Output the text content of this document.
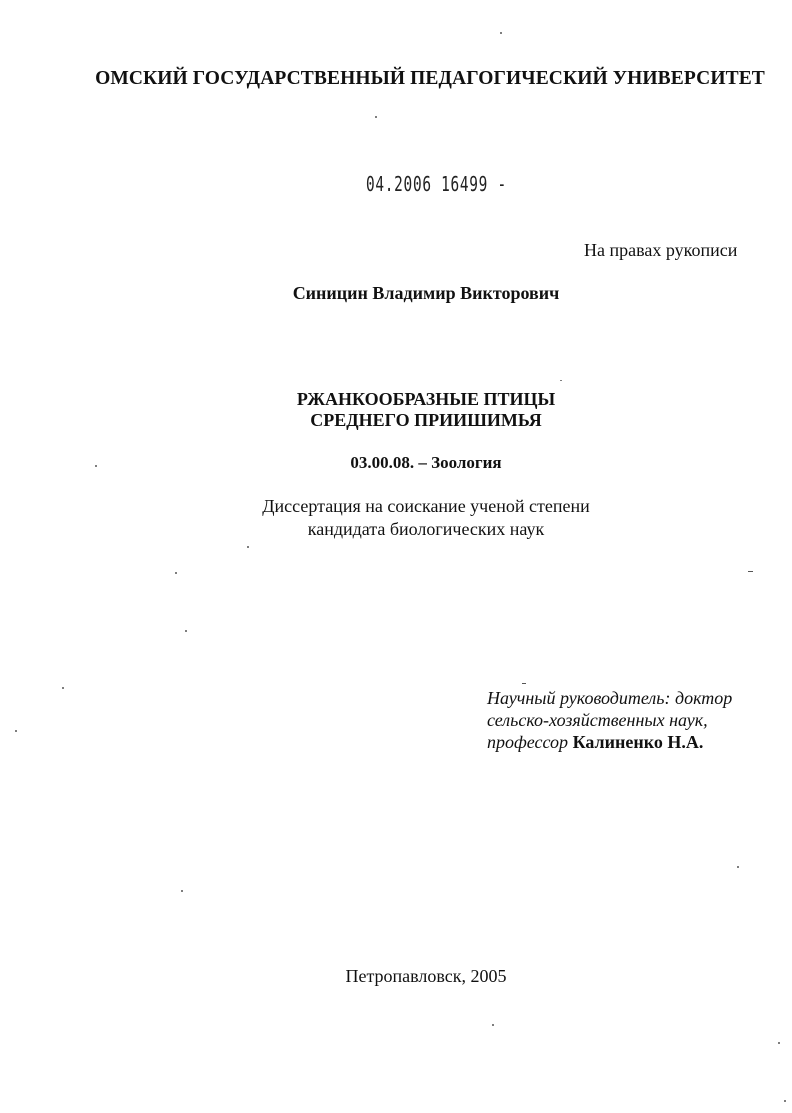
ОМСКИЙ ГОСУДАРСТВЕННЫЙ ПЕДАГОГИЧЕСКИЙ УНИВЕРСИТЕТ

04.2006 16499 -

На правах рукописи

Синицин Владимир Викторович

РЖАНКООБРАЗНЫЕ ПТИЦЫ

СРЕДНЕГО ПРИИШИМЬЯ

03.00.08. – Зоология

Диссертация на соискание ученой степени

кандидата биологических наук

Научный руководитель: доктор

сельско-хозяйственных наук,

профессор Калиненко Н.А.

Петропавловск, 2005
